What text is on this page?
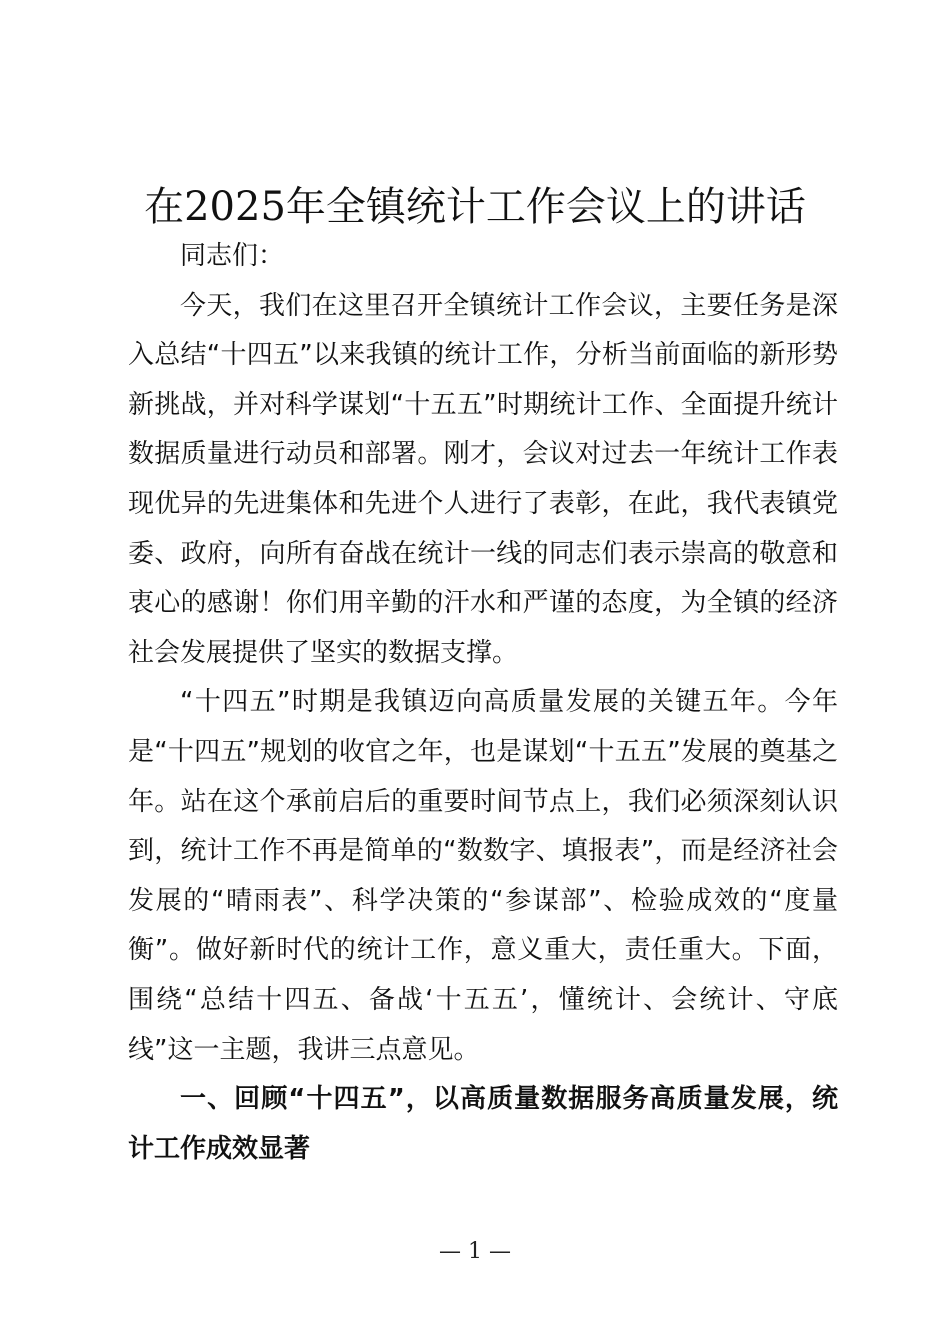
在2025年全镇统计工作会议上的讲话

同志们：

今天，我们在这里召开全镇统计工作会议，主要任务是深入总结“十四五”以来我镇的统计工作，分析当前面临的新形势新挑战，并对科学谋划“十五五”时期统计工作、全面提升统计数据质量进行动员和部署。刚才，会议对过去一年统计工作表现优异的先进集体和先进个人进行了表彰，在此，我代表镇党委、政府，向所有奋战在统计一线的同志们表示崇高的敬意和衷心的感谢！你们用辛勤的汗水和严谨的态度，为全镇的经济社会发展提供了坚实的数据支撑。

“十四五”时期是我镇迈向高质量发展的关键五年。今年是“十四五”规划的收官之年，也是谋划“十五五”发展的奠基之年。站在这个承前启后的重要时间节点上，我们必须深刻认识到，统计工作不再是简单的“数数字、填报表”，而是经济社会发展的“晴雨表”、科学决策的“参谋部”、检验成效的“度量衡”。做好新时代的统计工作，意义重大，责任重大。下面，围绕“总结十四五、备战‘十五五’，懂统计、会统计、守底线”这一主题，我讲三点意见。

一、回顾“十四五”，以高质量数据服务高质量发展，统计工作成效显著

— 1 —
